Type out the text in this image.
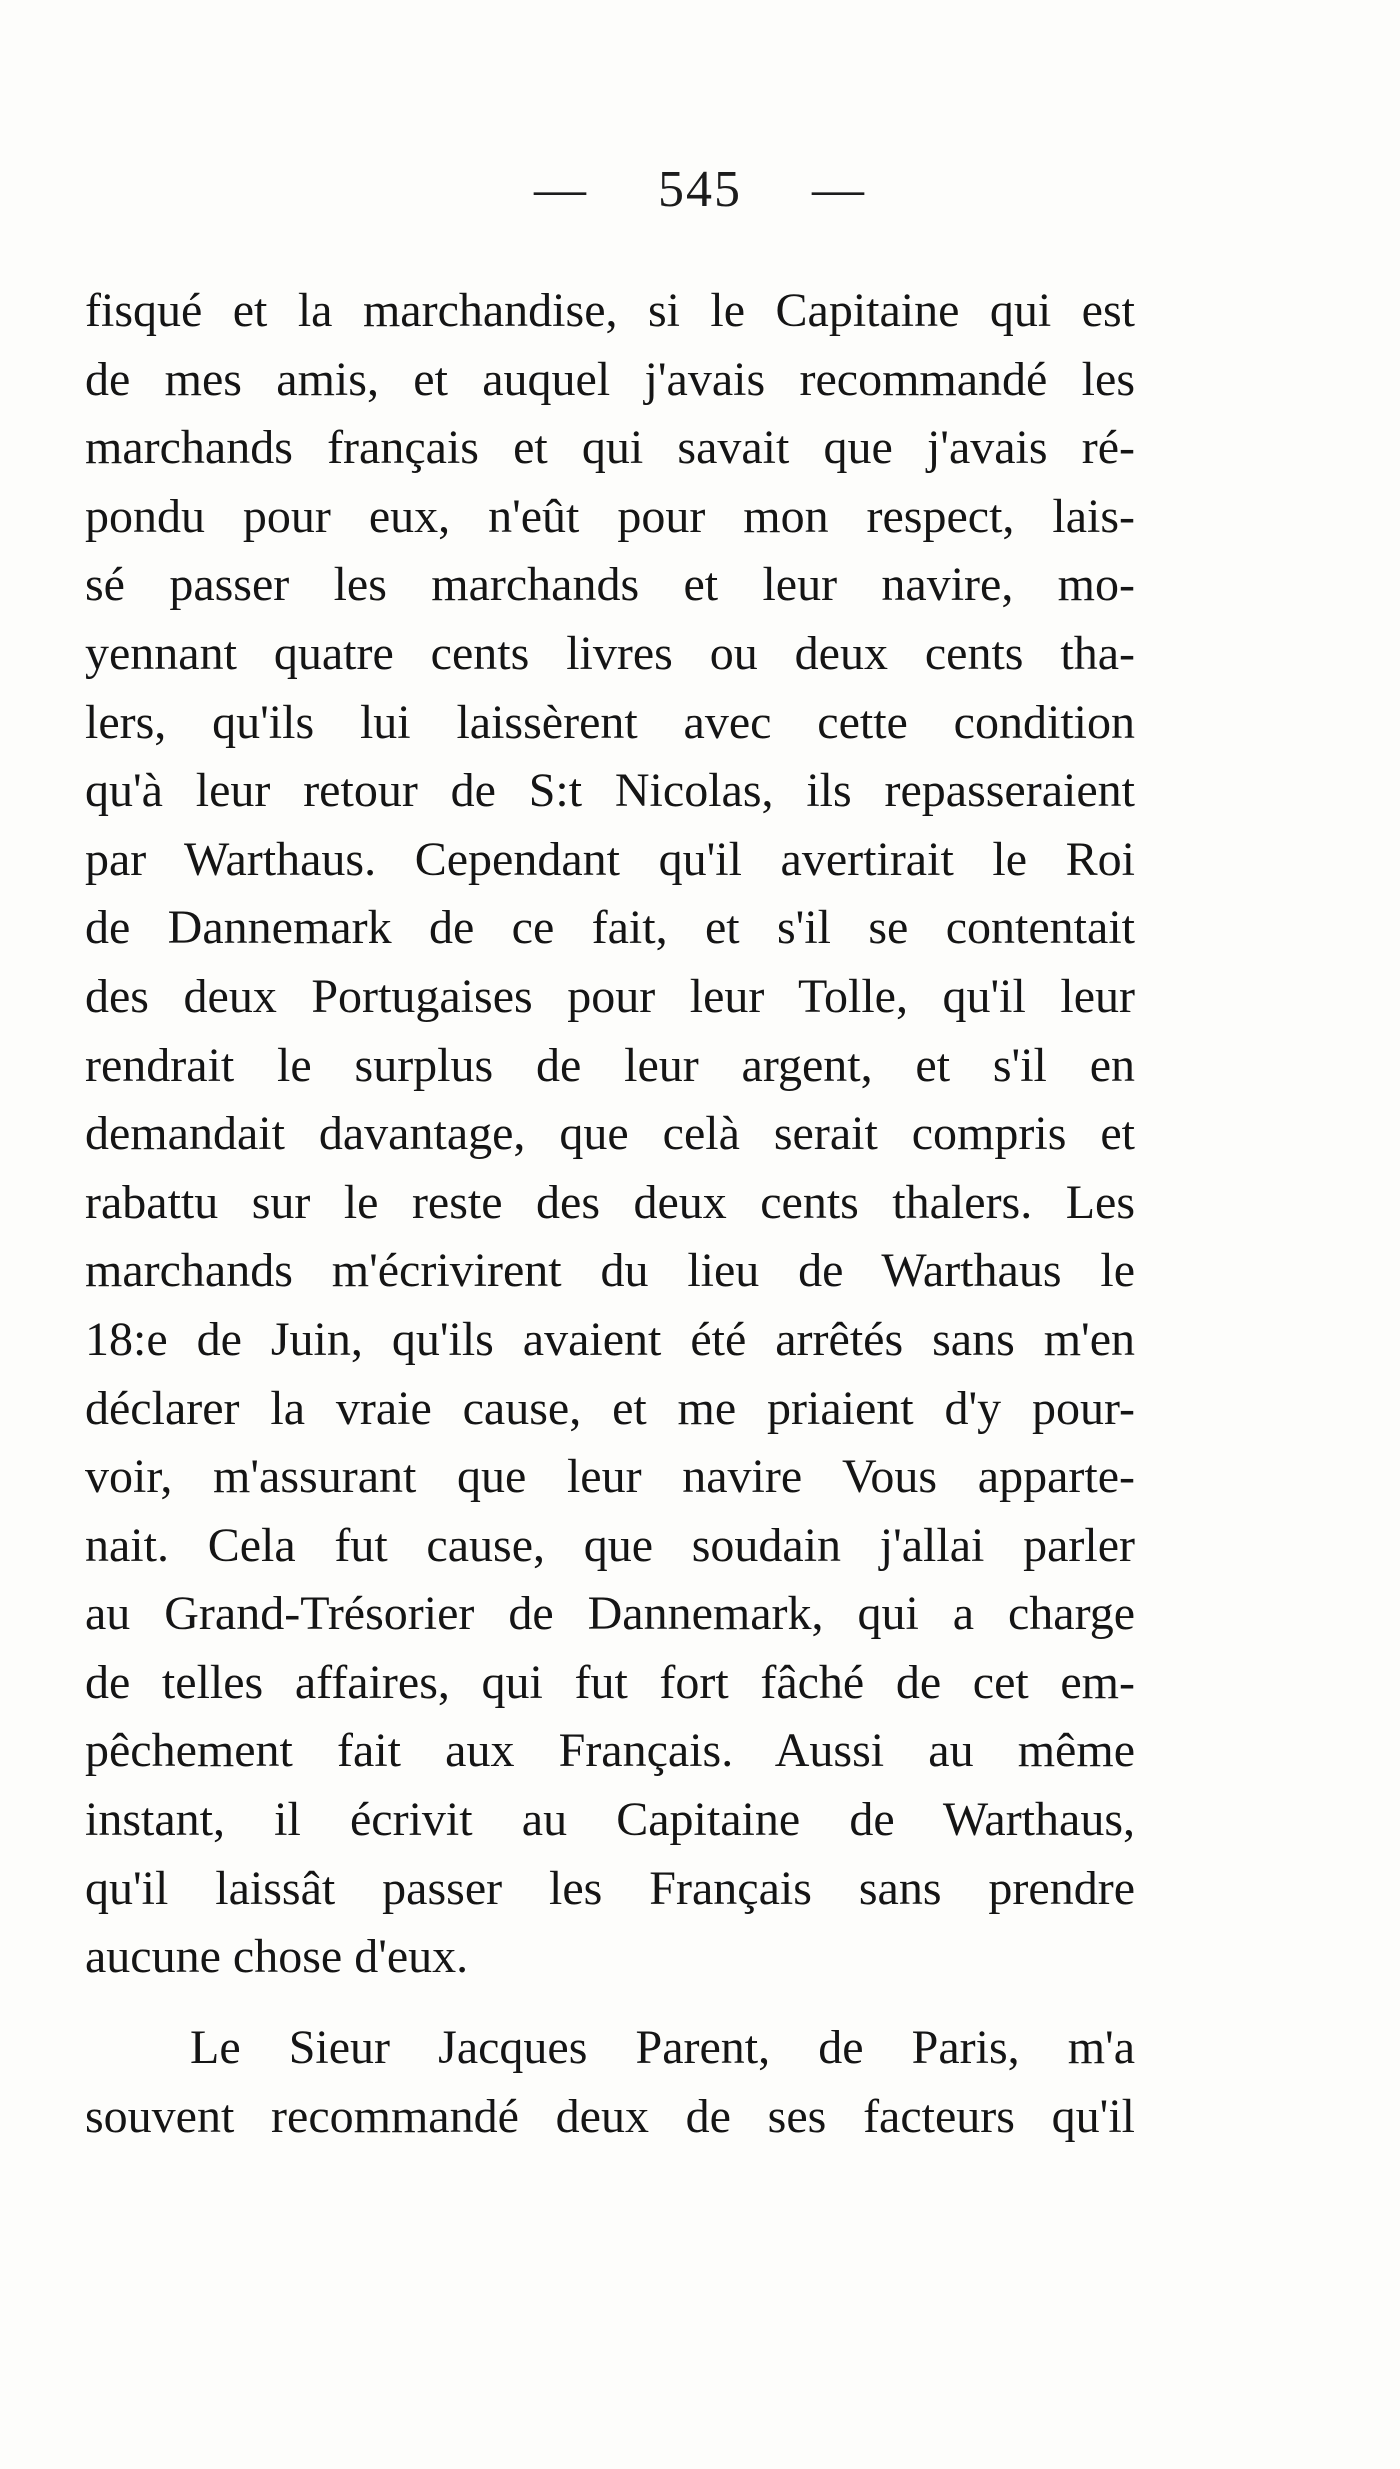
— 545 —
fisqué et la marchandise, si le Capitaine qui est
de mes amis, et auquel j'avais recommandé les
marchands français et qui savait que j'avais ré-
pondu pour eux, n'eût pour mon respect, lais-
sé passer les marchands et leur navire, mo-
yennant quatre cents livres ou deux cents tha-
lers, qu'ils lui laissèrent avec cette condition
qu'à leur retour de S:t Nicolas, ils repasseraient
par Warthaus. Cependant qu'il avertirait le Roi
de Dannemark de ce fait, et s'il se contentait
des deux Portugaises pour leur Tolle, qu'il leur
rendrait le surplus de leur argent, et s'il en
demandait davantage, que celà serait compris et
rabattu sur le reste des deux cents thalers. Les
marchands m'écrivirent du lieu de Warthaus le
18:e de Juin, qu'ils avaient été arrêtés sans m'en
déclarer la vraie cause, et me priaient d'y pour-
voir, m'assurant que leur navire Vous apparte-
nait. Cela fut cause, que soudain j'allai parler
au Grand-Trésorier de Dannemark, qui a charge
de telles affaires, qui fut fort fâché de cet em-
pêchement fait aux Français. Aussi au même
instant, il écrivit au Capitaine de Warthaus,
qu'il laissât passer les Français sans prendre
aucune chose d'eux.
Le Sieur Jacques Parent, de Paris, m'a
souvent recommandé deux de ses facteurs qu'il
